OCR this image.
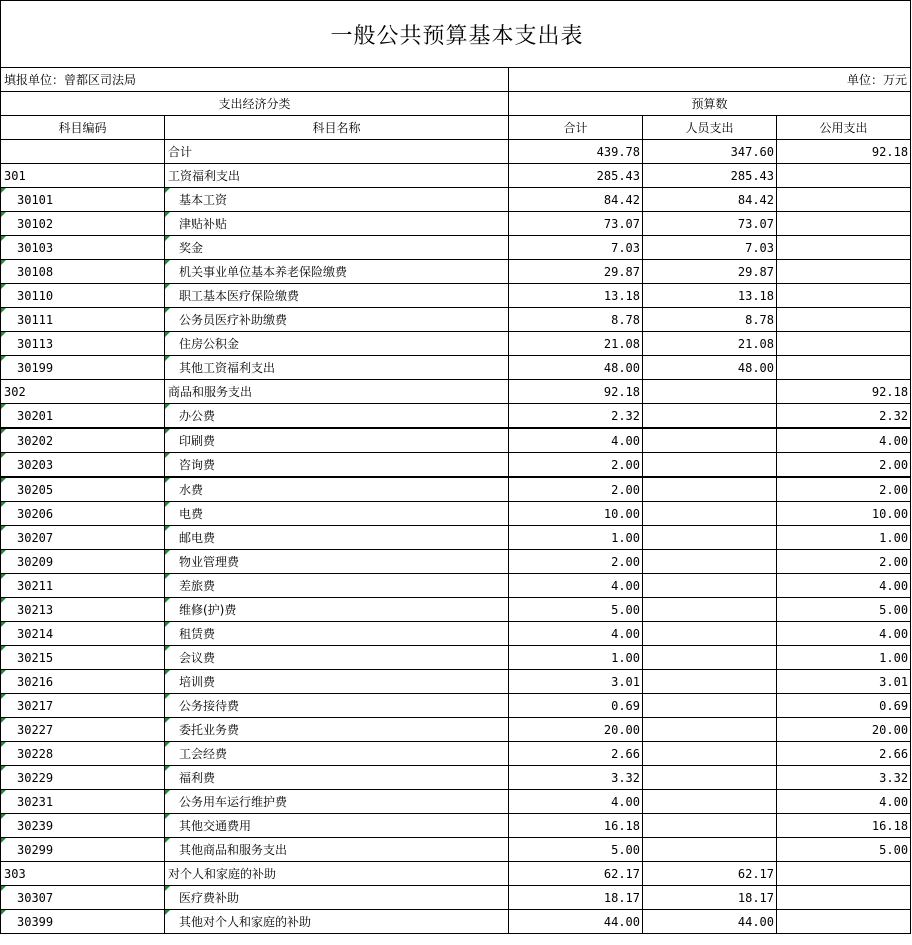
一般公共预算基本支出表				
填报单位：曾都区司法局		单位：万元		
支出经济分类		预算数		
科目编码	科目名称	合计	人员支出	公用支出
	合计	439.78	347.60	92.18
301	工资福利支出	285.43	285.43	
30101	基本工资	84.42	84.42	
30102	津贴补贴	73.07	73.07	
30103	奖金	7.03	7.03	
30108	机关事业单位基本养老保险缴费	29.87	29.87	
30110	职工基本医疗保险缴费	13.18	13.18	
30111	公务员医疗补助缴费	8.78	8.78	
30113	住房公积金	21.08	21.08	
30199	其他工资福利支出	48.00	48.00	
302	商品和服务支出	92.18		92.18
30201	办公费	2.32		2.32
30202	印刷费	4.00		4.00
30203	咨询费	2.00		2.00
30205	水费	2.00		2.00
30206	电费	10.00		10.00
30207	邮电费	1.00		1.00
30209	物业管理费	2.00		2.00
30211	差旅费	4.00		4.00
30213	维修(护)费	5.00		5.00
30214	租赁费	4.00		4.00
30215	会议费	1.00		1.00
30216	培训费	3.01		3.01
30217	公务接待费	0.69		0.69
30227	委托业务费	20.00		20.00
30228	工会经费	2.66		2.66
30229	福利费	3.32		3.32
30231	公务用车运行维护费	4.00		4.00
30239	其他交通费用	16.18		16.18
30299	其他商品和服务支出	5.00		5.00
303	对个人和家庭的补助	62.17	62.17	
30307	医疗费补助	18.17	18.17	
30399	其他对个人和家庭的补助	44.00	44.00	
